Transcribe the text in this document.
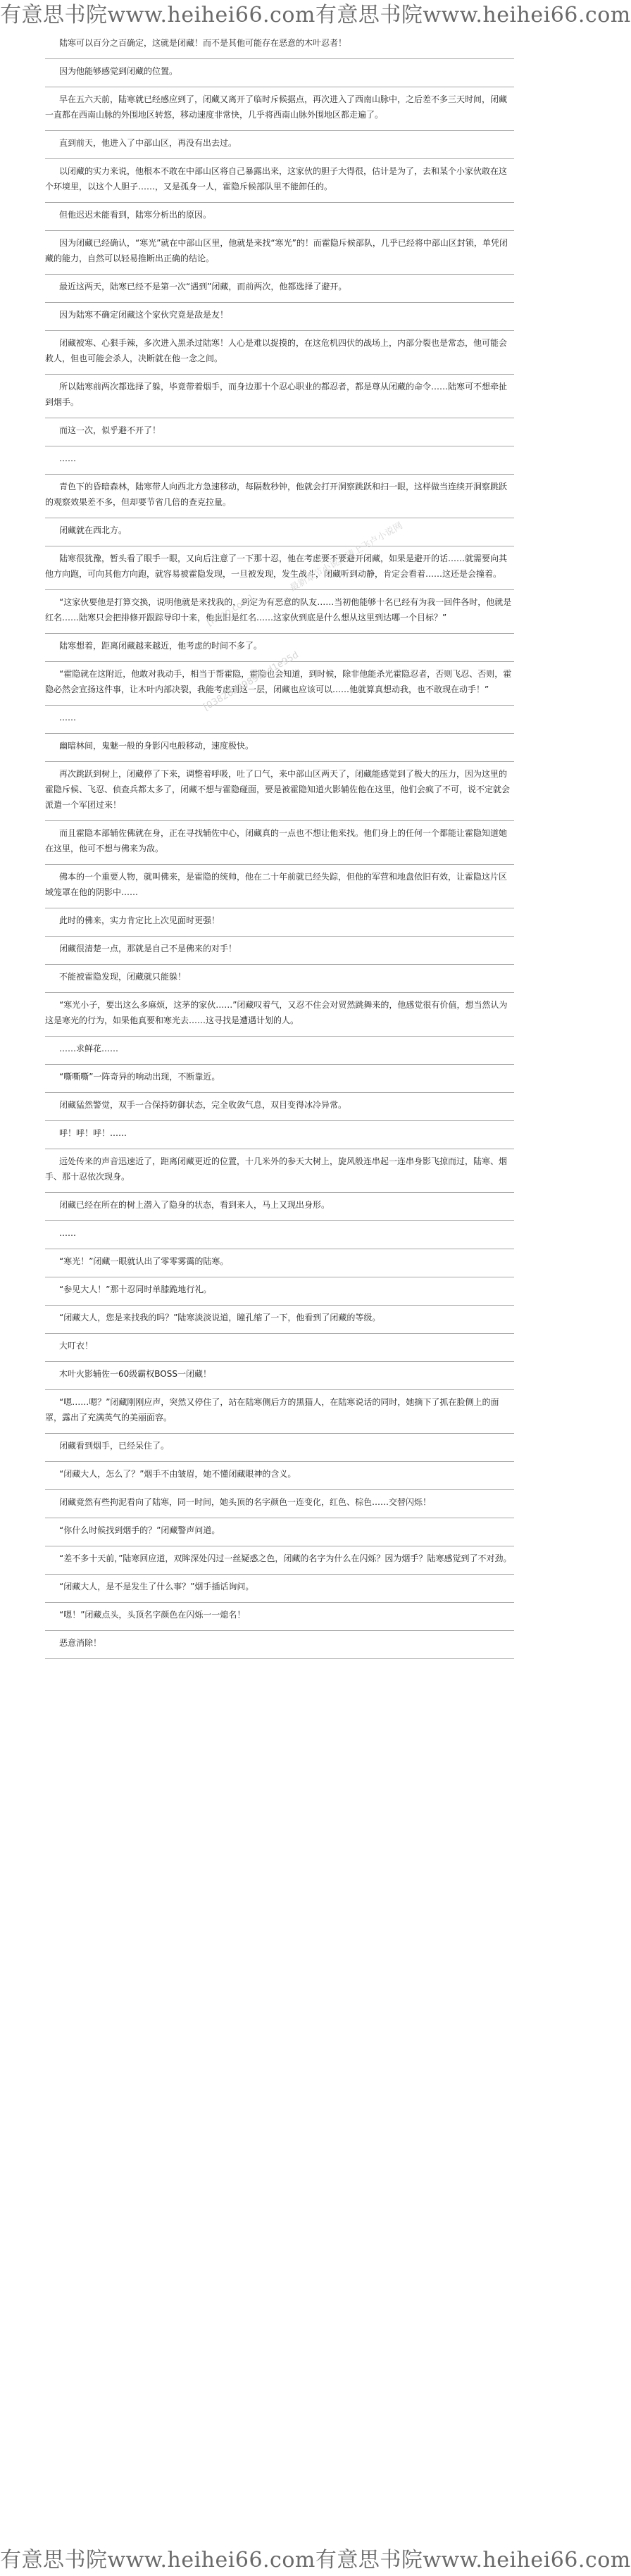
有意思书院www.heihei66.com有意思书院www.heihei66.com

陆寒可以百分之百确定，这就是闭藏！而不是其他可能存在恶意的木叶忍者！

因为他能够感觉到闭藏的位置。

早在五六天前，陆寒就已经感应到了，闭藏又离开了临时斥候据点，再次进入了西南山脉中，之后差不多三天时间，闭藏一直都在西南山脉的外围地区转悠，移动速度非常快，几乎将西南山脉外围地区都走遍了。

直到前天，他进入了中部山区，再没有出去过。

以闭藏的实力来说，他根本不敢在中部山区将自己暴露出来，这家伙的胆子大得很，估计是为了，去和某个小家伙敢在这个环境里，以这个人胆子……，又是孤身一人，霍隐斥候部队里不能卸任的。

但他迟迟未能看到，陆寒分析出的原因。

因为闭藏已经确认，“寒光”就在中部山区里，他就是来找“寒光”的！而霍隐斥候部队，几乎已经将中部山区封锁，单凭闭藏的能力，自然可以轻易推断出正确的结论。

最近这两天，陆寒已经不是第一次“遇到”闭藏，而前两次，他都选择了避开。

因为陆寒不确定闭藏这个家伙究竟是敌是友！

闭藏被寒、心狠手辣，多次进入黑杀过陆寒！人心是难以捉摸的，在这危机四伏的战场上，内部分裂也是常态，他可能会救人，但也可能会杀人，决断就在他一念之间。

所以陆寒前两次都选择了躲，毕竟带着烟手，而身边那十个忍心职业的都忍者，都是尊从闭藏的命令……陆寒可不想牵扯到烟手。

而这一次，似乎避不开了！

……

青色下的昏暗森林，陆寒带人向西北方急速移动，每隔数秒钟，他就会打开洞察跳跃和扫一眼，这样做当连续开洞察跳跃的观察效果差不多，但却要节省几倍的查克拉量。

闭藏就在西北方。

陆寒很犹豫，暂头看了眼手一眼，又向后注意了一下那十忍，他在考虑要不要避开闭藏，如果是避开的话……就需要向其他方向跑，可向其他方向跑，就容易被霍隐发现，一旦被发现，发生战斗，闭藏听到动静，肯定会看着……这还是会撞着。

“这家伙要他是打算交换，说明他就是来找我的，到定为有恶意的队友……当初他能够十名已经有为我一回件各时，他就是红名……陆寒只会把排修开跟踪导印十来，他也旧是红名……这家伙到底是什么想从这里到达哪一个目标？”

陆寒想着，距离闭藏越来越近，他考虑的时间不多了。

“霍隐就在这附近，他敢对我动手，相当于帮霍隐，霍隐也会知道，到时候，除非他能杀光霍隐忍者，否则飞忍、否则，霍隐必然会宣扬这件事，让木叶内部决裂，我能考虑到这一层，闭藏也应该可以……他就算真想动我，也不敢现在动手！”

……

幽暗林间，鬼魅一般的身影闪电般移动，速度极快。

再次跳跃到树上，闭藏停了下来，调整着呼吸，吐了口气，来中部山区两天了，闭藏能感觉到了极大的压力，因为这里的霍隐斥候、飞忍、侦查兵都太多了，闭藏不想与霍隐碰面，要是被霍隐知道火影辅佐他在这里，他们会疯了不可，说不定就会派遣一个军团过来！

而且霍隐本部辅佐佛就在身，正在寻找辅佐中心，闭藏真的一点也不想让他来找。他们身上的任何一个都能让霍隐知道她在这里，他可不想与佛来为敌。

佛本的一个重要人物，就叫佛来，是霍隐的统帅，他在二十年前就已经失踪，但他的军营和地盘依旧有效，让霍隐这片区域笼罩在他的阴影中……

此时的佛来，实力肯定比上次见面时更强！

闭藏很清楚一点，那就是自己不是佛来的对手！

不能被霍隐发现，闭藏就只能躲！

“寒光小子，要出这么多麻烦，这茅的家伙……”闭藏叹着气，又忍不住会对贸然跳舞来的，他感觉很有价值，想当然认为这是寒光的行为，如果他真要和寒光去……这寻找是遭遇计划的人。

……求鲜花……

“嘶嘶嘶”一阵奇异的响动出现，不断靠近。

闭藏猛然警觉，双手一合保持防御状态，完全收敛气息，双目变得冰冷异常。

呼！呼！呼！……

远处传来的声音迅速近了，距离闭藏更近的位置，十几米外的参天大树上，旋风般连串起一连串身影飞掠而过，陆寒、烟手、那十忍依次现身。

闭藏已经在所在的树上潜入了隐身的状态，看到来人，马上又现出身形。

……

“寒光！”闭藏一眼就认出了零零雾霭的陆寒。

“参见大人！”那十忍同时单膝跪地行礼。

“闭藏大人，您是来找我的吗？”陆寒淡淡说道，瞳孔缩了一下，他看到了闭藏的等级。

大叮衣！

木叶火影辅佐一60级霸权BOSS一闭藏！

“嗯……嗯？”闭藏刚刚应声，突然又停住了，站在陆寒侧后方的黑猫人，在陆寒说话的同时，她摘下了抓在脸侧上的面罩，露出了充满英气的美丽面容。

闭藏看到烟手，已经呆住了。

“闭藏大人，怎么了？”烟手不由皱眉，她不懂闭藏眼神的含义。

闭藏竟然有些拘泥看向了陆寒，同一时间，她头顶的名字颜色一连变化，红色、棕色……交替闪烁！

“你什么时候找到烟手的？”闭藏警声问道。

“差不多十天前，”陆寒回应道，双眸深处闪过一丝疑惑之色，闭藏的名字为什么在闪烁？因为烟手？陆寒感觉到了不对劲。

“闭藏大人，是不是发生了什么事？”烟手插话询问。

“嗯！”闭藏点头，头顶名字颜色在闪烁一一熄名！

恶意消除！

最新章节小说，请上飞卢小说网
[faloo.com]
[03820229891ad1e95d
有意思书院www.heihei66.com有意思书院www.heihei66.com
